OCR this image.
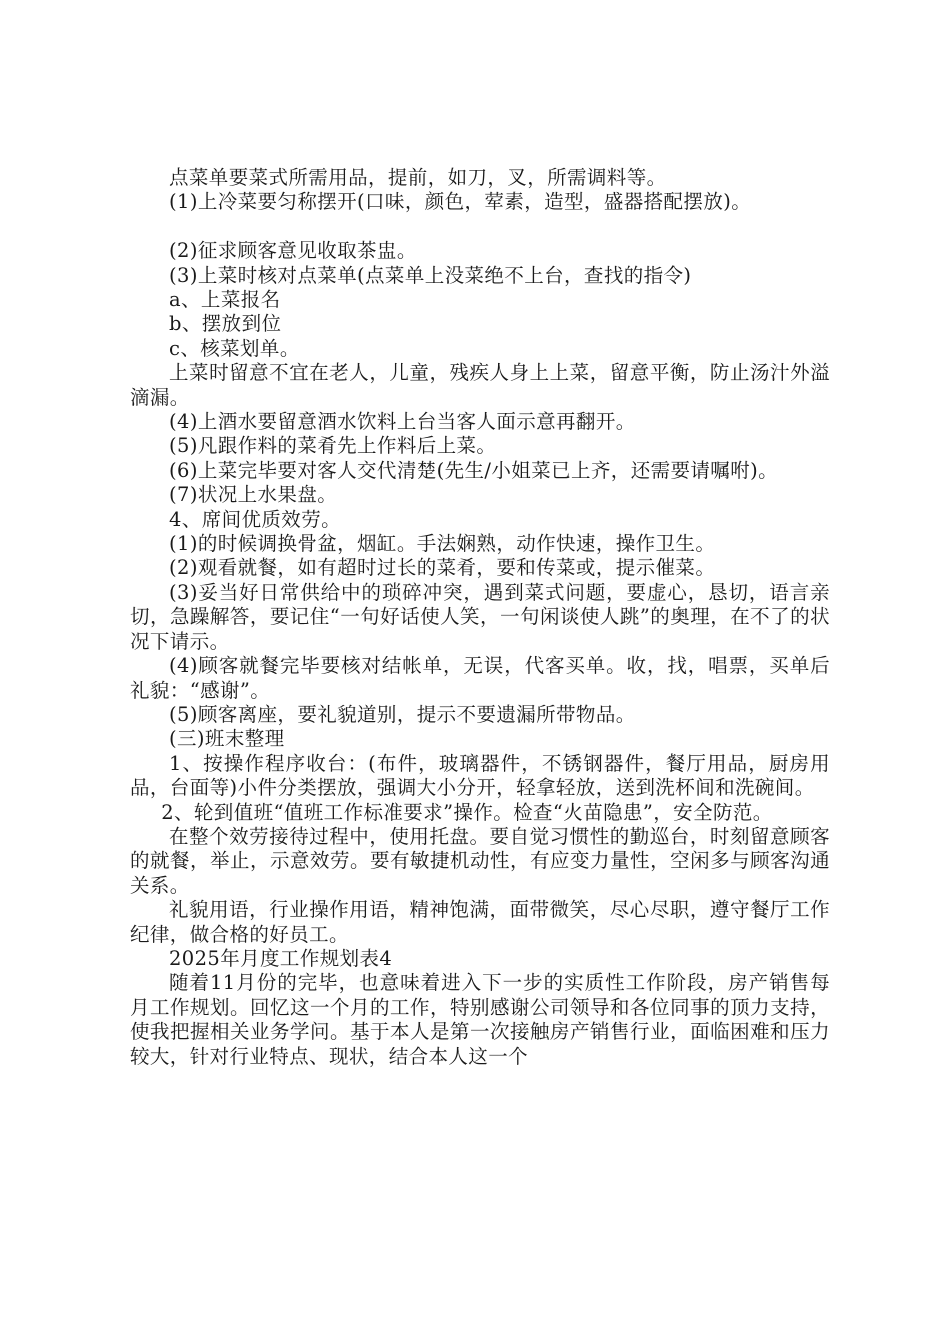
点菜单要菜式所需用品，提前，如刀，叉，所需调料等。

(1)上冷菜要匀称摆开(口味，颜色，荤素，造型，盛器搭配摆放)。

(2)征求顾客意见收取茶盅。

(3)上菜时核对点菜单(点菜单上没菜绝不上台，查找的指令)

a、上菜报名

b、摆放到位

c、核菜划单。

上菜时留意不宜在老人，儿童，残疾人身上上菜，留意平衡，防止汤汁外溢滴漏。

(4)上酒水要留意酒水饮料上台当客人面示意再翻开。

(5)凡跟作料的菜肴先上作料后上菜。

(6)上菜完毕要对客人交代清楚(先生/小姐菜已上齐，还需要请嘱咐)。

(7)状况上水果盘。

4、席间优质效劳。

(1)的时候调换骨盆，烟缸。手法娴熟，动作快速，操作卫生。

(2)观看就餐，如有超时过长的菜肴，要和传菜或，提示催菜。

(3)妥当好日常供给中的琐碎冲突，遇到菜式问题，要虚心，恳切，语言亲切，急躁解答，要记住“一句好话使人笑，一句闲谈使人跳”的奥理，在不了的状况下请示。

(4)顾客就餐完毕要核对结帐单，无误，代客买单。收，找，唱票，买单后礼貌：“感谢”。

(5)顾客离座，要礼貌道别，提示不要遗漏所带物品。

(三)班末整理

1、按操作程序收台：(布件，玻璃器件，不锈钢器件，餐厅用品，厨房用品，台面等)小件分类摆放，强调大小分开，轻拿轻放，送到洗杯间和洗碗间。

2、轮到值班“值班工作标准要求”操作。检查“火苗隐患”，安全防范。

在整个效劳接待过程中，使用托盘。要自觉习惯性的勤巡台，时刻留意顾客的就餐，举止，示意效劳。要有敏捷机动性，有应变力量性，空闲多与顾客沟通关系。

礼貌用语，行业操作用语，精神饱满，面带微笑，尽心尽职，遵守餐厅工作纪律，做合格的好员工。

2025年月度工作规划表4

随着11月份的完毕，也意味着进入下一步的实质性工作阶段，房产销售每月工作规划。回忆这一个月的工作，特别感谢公司领导和各位同事的顶力支持，使我把握相关业务学问。基于本人是第一次接触房产销售行业，面临困难和压力较大，针对行业特点、现状，结合本人这一个
